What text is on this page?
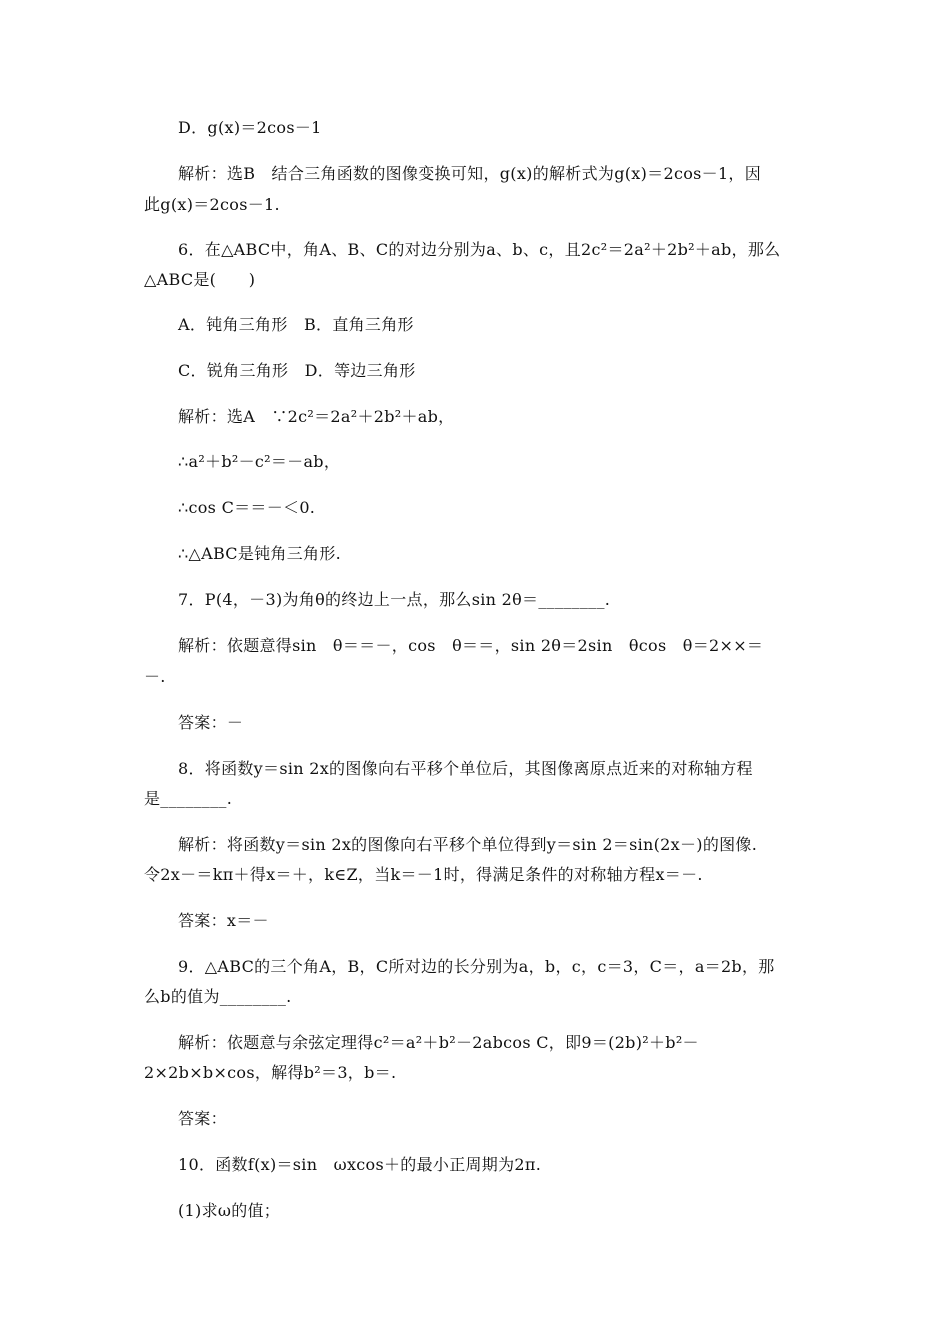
D．g(x)＝2cos－1
解析：选B　结合三角函数的图像变换可知，g(x)的解析式为g(x)＝2cos－1，因
此g(x)＝2cos－1.
6．在△ABC中，角A、B、C的对边分别为a、b、c，且2c²＝2a²＋2b²＋ab，那么
△ABC是(　　)
A．钝角三角形　B．直角三角形
C．锐角三角形　D．等边三角形
解析：选A　∵2c²＝2a²＋2b²＋ab，
∴a²＋b²－c²＝－ab，
∴cos C＝＝－＜0.
∴△ABC是钝角三角形.
7．P(4，－3)为角θ的终边上一点，那么sin 2θ＝________.
解析：依题意得sin　θ＝＝－，cos　θ＝＝，sin 2θ＝2sin　θcos　θ＝2××＝
－.
答案：－
8．将函数y＝sin 2x的图像向右平移个单位后，其图像离原点近来的对称轴方程
是________.
解析：将函数y＝sin 2x的图像向右平移个单位得到y＝sin 2＝sin(2x－)的图像.
令2x－＝kπ＋得x＝＋，k∈Z，当k＝－1时，得满足条件的对称轴方程x＝－.
答案：x＝－
9．△ABC的三个角A，B，C所对边的长分别为a，b，c，c＝3，C＝，a＝2b，那
么b的值为________.
解析：依题意与余弦定理得c²＝a²＋b²－2abcos C，即9＝(2b)²＋b²－
2×2b×b×cos，解得b²＝3，b＝.
答案：
10．函数f(x)＝sin　ωxcos＋的最小正周期为2π.
(1)求ω的值；
